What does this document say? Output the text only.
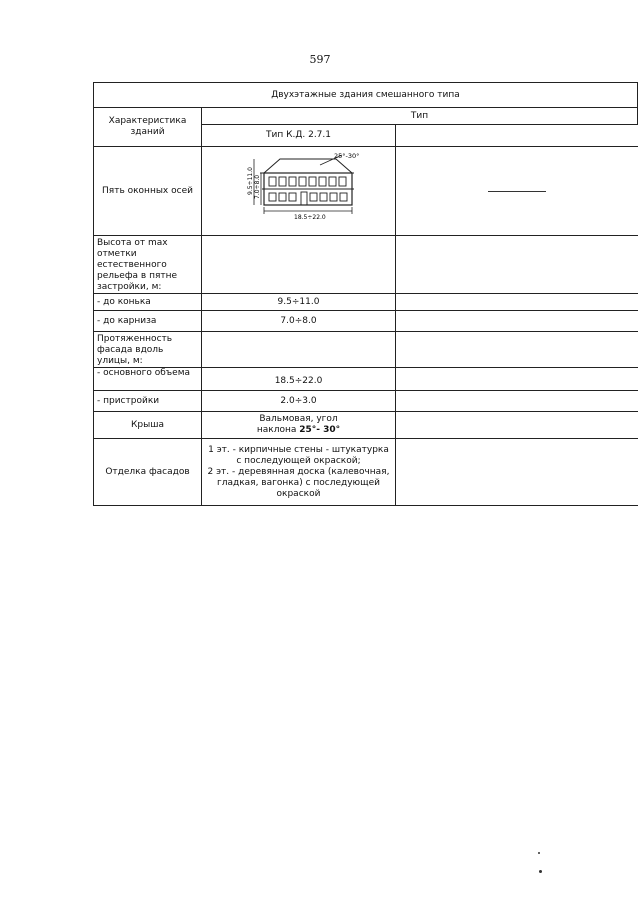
597
Двухэтажные здания смешанного типа		
Характеристика зданий	Тип	
	Тип К.Д. 2.7.1	
Пять оконных осей	25°-30°
9.5÷11.0 7.0÷8.0
18.5÷22.0	

Высота от max отметки естественного рельефа в пятне застройки, м:		
- до конька	9.5÷11.0	
- до карниза	7.0÷8.0	
Протяженность фасада вдоль улицы, м:		
- основного объема	18.5÷22.0	
- пристройки	2.0÷3.0	
Крыша	Вальмовая, угол
наклона 25°- 30°	

Отделка фасадов	1 эт. - кирпичные стены - штукатурка с последующей окраской;
2 эт. - деревянная доска (калевочная, гладкая, вагонка) с последующей окраской	
